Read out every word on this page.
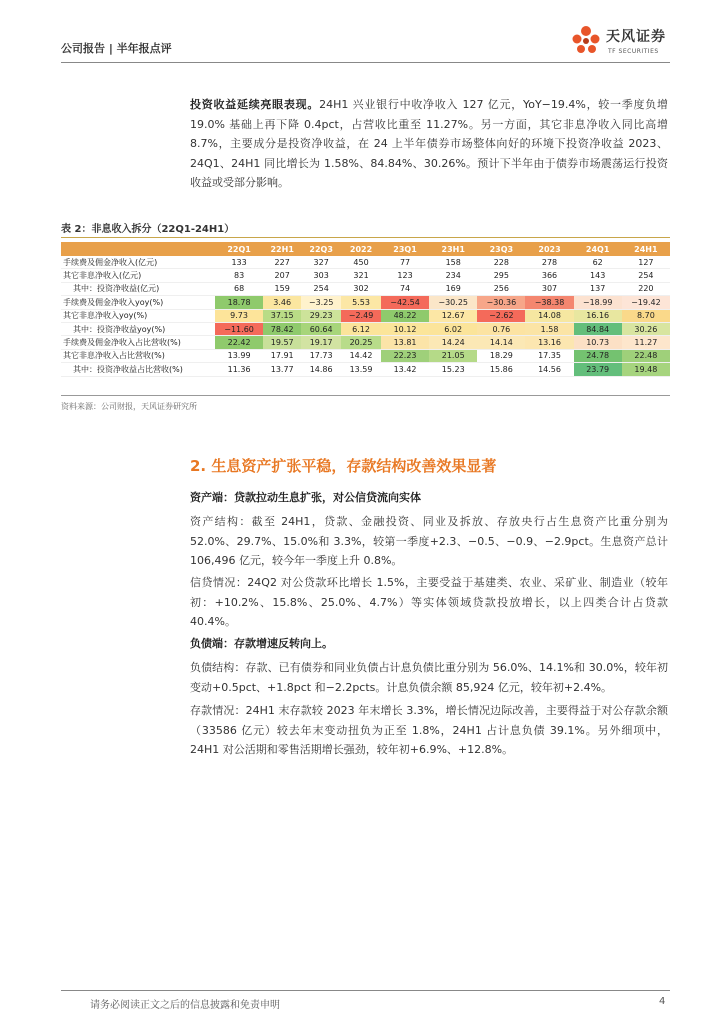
公司报告 | 半年报点评
天风证券
TF SECURITIES
投资收益延续亮眼表现。24H1 兴业银行中收净收入 127 亿元，YoY−19.4%，较一季度负增 19.0% 基础上再下降 0.4pct，占营收比重至 11.27%。另一方面，其它非息净收入同比高增 8.7%，主要成分是投资净收益，在 24 上半年债券市场整体向好的环境下投资净收益 2023、24Q1、24H1 同比增长为 1.58%、84.84%、30.26%。预计下半年由于债券市场震荡运行投资收益或受部分影响。
表 2：非息收入拆分（22Q1-24H1）
	22Q1	22H1	22Q3	2022	23Q1	23H1	23Q3	2023	24Q1	24H1
手续费及佣金净收入(亿元)	133	227	327	450	77	158	228	278	62	127
其它非息净收入(亿元)	83	207	303	321	123	234	295	366	143	254
其中：投资净收益(亿元)	68	159	254	302	74	169	256	307	137	220
手续费及佣金净收入yoy(%)	18.78	3.46	−3.25	5.53	−42.54	−30.25	−30.36	−38.38	−18.99	−19.42
其它非息净收入yoy(%)	9.73	37.15	29.23	−2.49	48.22	12.67	−2.62	14.08	16.16	8.70
其中：投资净收益yoy(%)	−11.60	78.42	60.64	6.12	10.12	6.02	0.76	1.58	84.84	30.26
手续费及佣金净收入占比营收(%)	22.42	19.57	19.17	20.25	13.81	14.24	14.14	13.16	10.73	11.27
其它非息净收入占比营收(%)	13.99	17.91	17.73	14.42	22.23	21.05	18.29	17.35	24.78	22.48
其中：投资净收益占比营收(%)	11.36	13.77	14.86	13.59	13.42	15.23	15.86	14.56	23.79	19.48
资料来源：公司财报，天风证券研究所
2. 生息资产扩张平稳，存款结构改善效果显著
资产端：贷款拉动生息扩张，对公信贷流向实体
资产结构：截至 24H1，贷款、金融投资、同业及拆放、存放央行占生息资产比重分别为 52.0%、29.7%、15.0%和 3.3%，较第一季度+2.3、−0.5、−0.9、−2.9pct。生息资产总计 106,496 亿元，较今年一季度上升 0.8%。
信贷情况：24Q2 对公贷款环比增长 1.5%，主要受益于基建类、农业、采矿业、制造业（较年初：+10.2%、15.8%、25.0%、4.7%）等实体领域贷款投放增长，以上四类合计占贷款 40.4%。
负债端：存款增速反转向上。
负债结构：存款、已有债券和同业负债占计息负债比重分别为 56.0%、14.1%和 30.0%，较年初变动+0.5pct、+1.8pct 和−2.2pcts。计息负债余额 85,924 亿元，较年初+2.4%。
存款情况：24H1 末存款较 2023 年末增长 3.3%，增长情况边际改善，主要得益于对公存款余额（33586 亿元）较去年末变动扭负为正至 1.8%，24H1 占计息负债 39.1%。另外细项中，24H1 对公活期和零售活期增长强劲，较年初+6.9%、+12.8%。
请务必阅读正文之后的信息披露和免责申明	4
